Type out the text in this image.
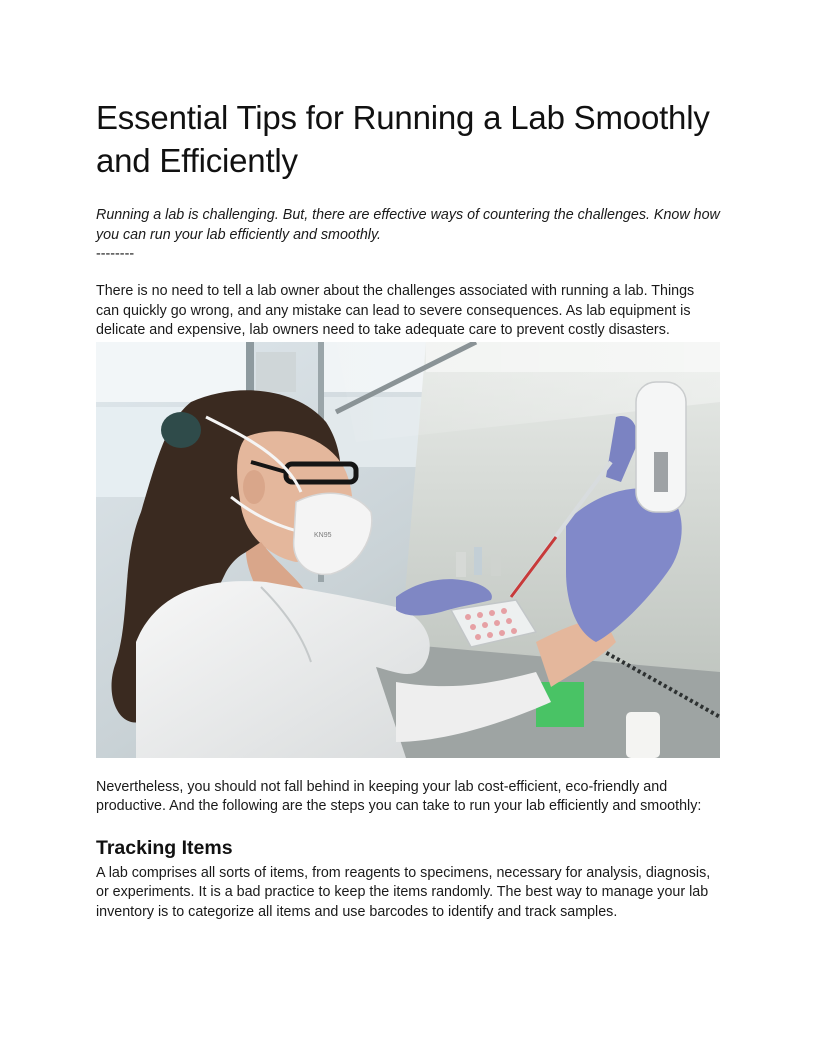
Essential Tips for Running a Lab Smoothly and Efficiently

Running a lab is challenging. But, there are effective ways of countering the challenges. Know how you can run your lab efficiently and smoothly.

--------

There is no need to tell a lab owner about the challenges associated with running a lab. Things can quickly go wrong, and any mistake can lead to severe consequences. As lab equipment is delicate and expensive, lab owners need to take adequate care to prevent costly disasters.

KN95

Nevertheless, you should not fall behind in keeping your lab cost-efficient, eco-friendly and productive. And the following are the steps you can take to run your lab efficiently and smoothly:

Tracking Items

A lab comprises all sorts of items, from reagents to specimens, necessary for analysis, diagnosis, or experiments. It is a bad practice to keep the items randomly. The best way to manage your lab inventory is to categorize all items and use barcodes to identify and track samples.
